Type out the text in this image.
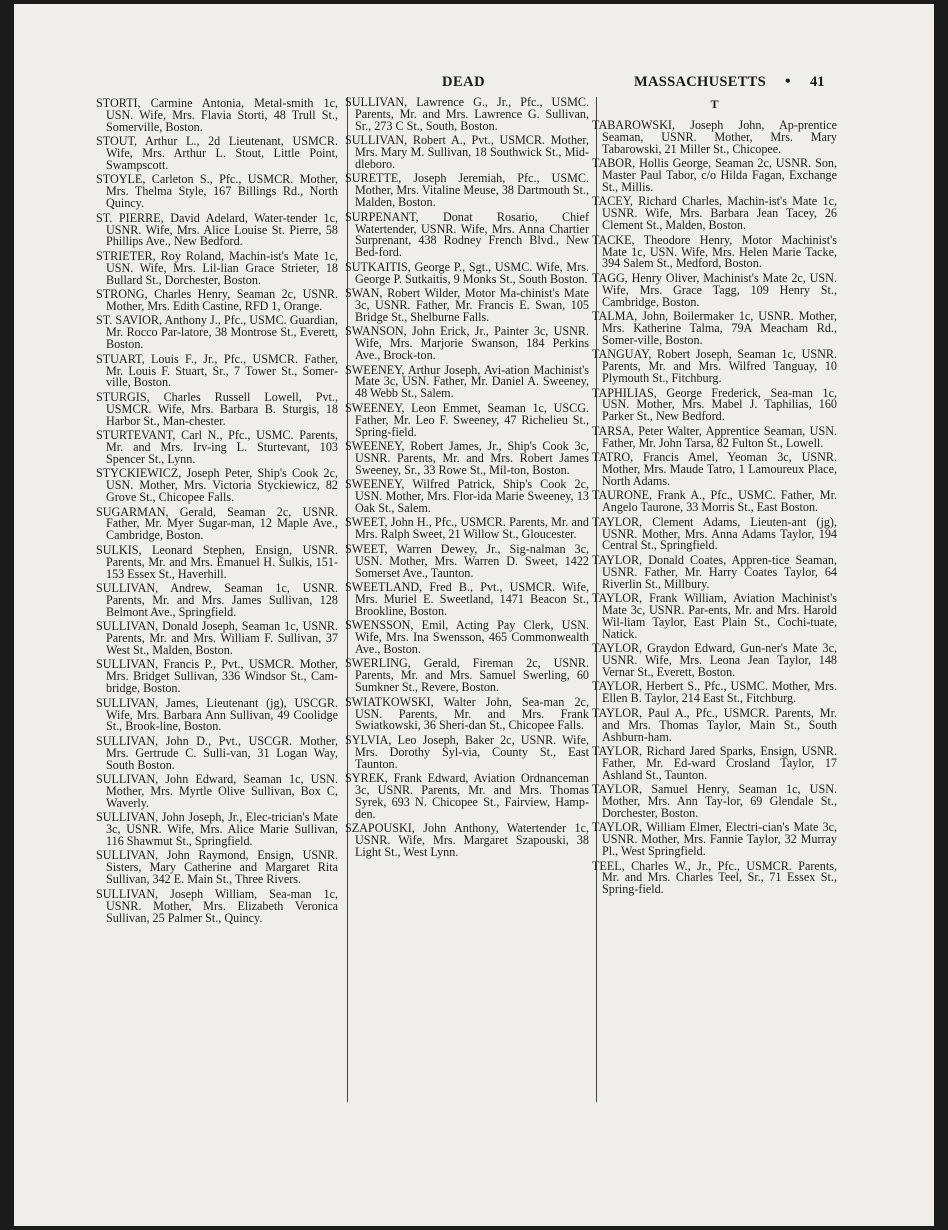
DEAD	MASSACHUSETTS • 41
STORTI, Carmine Antonia, Metal-smith 1c, USN. Wife, Mrs. Flavia Storti, 48 Trull St., Somerville, Boston.
STOUT, Arthur L., 2d Lieutenant, USMCR. Wife, Mrs. Arthur L. Stout, Little Point, Swampscott.
STOYLE, Carleton S., Pfc., USMCR. Mother, Mrs. Thelma Style, 167 Billings Rd., North Quincy.
ST. PIERRE, David Adelard, Water-tender 1c, USNR. Wife, Mrs. Alice Louise St. Pierre, 58 Phillips Ave., New Bedford.
STRIETER, Roy Roland, Machin-ist's Mate 1c, USN. Wife, Mrs. Lil-lian Grace Strieter, 18 Bullard St., Dorchester, Boston.
STRONG, Charles Henry, Seaman 2c, USNR. Mother, Mrs. Edith Castine, RFD 1, Orange.
ST. SAVIOR, Anthony J., Pfc., USMC. Guardian, Mr. Rocco Par-latore, 38 Montrose St., Everett, Boston.
STUART, Louis F., Jr., Pfc., USMCR. Father, Mr. Louis F. Stuart, Sr., 7 Tower St., Somer-ville, Boston.
STURGIS, Charles Russell Lowell, Pvt., USMCR. Wife, Mrs. Barbara B. Sturgis, 18 Harbor St., Man-chester.
STURTEVANT, Carl N., Pfc., USMC. Parents, Mr. and Mrs. Irv-ing L. Sturtevant, 103 Spencer St., Lynn.
STYCKIEWICZ, Joseph Peter, Ship's Cook 2c, USN. Mother, Mrs. Victoria Styckiewicz, 82 Grove St., Chicopee Falls.
SUGARMAN, Gerald, Seaman 2c, USNR. Father, Mr. Myer Sugar-man, 12 Maple Ave., Cambridge, Boston.
SULKIS, Leonard Stephen, Ensign, USNR. Parents, Mr. and Mrs. Emanuel H. Sulkis, 151-153 Essex St., Haverhill.
SULLIVAN, Andrew, Seaman 1c, USNR. Parents, Mr. and Mrs. James Sullivan, 128 Belmont Ave., Springfield.
SULLIVAN, Donald Joseph, Seaman 1c, USNR. Parents, Mr. and Mrs. William F. Sullivan, 37 West St., Malden, Boston.
SULLIVAN, Francis P., Pvt., USMCR. Mother, Mrs. Bridget Sullivan, 336 Windsor St., Cam-bridge, Boston.
SULLIVAN, James, Lieutenant (jg), USCGR. Wife, Mrs. Barbara Ann Sullivan, 49 Coolidge St., Brook-line, Boston.
SULLIVAN, John D., Pvt., USCGR. Mother, Mrs. Gertrude C. Sulli-van, 31 Logan Way, South Boston.
SULLIVAN, John Edward, Seaman 1c, USN. Mother, Mrs. Myrtle Olive Sullivan, Box C, Waverly.
SULLIVAN, John Joseph, Jr., Elec-trician's Mate 3c, USNR. Wife, Mrs. Alice Marie Sullivan, 116 Shawmut St., Springfield.
SULLIVAN, John Raymond, Ensign, USNR. Sisters, Mary Catherine and Margaret Rita Sullivan, 342 E. Main St., Three Rivers.
SULLIVAN, Joseph William, Sea-man 1c, USNR. Mother, Mrs. Elizabeth Veronica Sullivan, 25 Palmer St., Quincy.
SULLIVAN, Lawrence G., Jr., Pfc., USMC. Parents, Mr. and Mrs. Lawrence G. Sullivan, Sr., 273 C St., South, Boston.
SULLIVAN, Robert A., Pvt., USMCR. Mother, Mrs. Mary M. Sullivan, 18 Southwick St., Mid-dleboro.
SURETTE, Joseph Jeremiah, Pfc., USMC. Mother, Mrs. Vitaline Meuse, 38 Dartmouth St., Malden, Boston.
SURPENANT, Donat Rosario, Chief Watertender, USNR. Wife, Mrs. Anna Chartier Surprenant, 438 Rodney French Blvd., New Bed-ford.
SUTKAITIS, George P., Sgt., USMC. Wife, Mrs. George P. Sutkaitis, 9 Monks St., South Boston.
SWAN, Robert Wilder, Motor Ma-chinist's Mate 3c, USNR. Father, Mr. Francis E. Swan, 105 Bridge St., Shelburne Falls.
SWANSON, John Erick, Jr., Painter 3c, USNR. Wife, Mrs. Marjorie Swanson, 184 Perkins Ave., Brock-ton.
SWEENEY, Arthur Joseph, Avi-ation Machinist's Mate 3c, USN. Father, Mr. Daniel A. Sweeney, 48 Webb St., Salem.
SWEENEY, Leon Emmet, Seaman 1c, USCG. Father, Mr. Leo F. Sweeney, 47 Richelieu St., Spring-field.
SWEENEY, Robert James, Jr., Ship's Cook 3c, USNR. Parents, Mr. and Mrs. Robert James Sweeney, Sr., 33 Rowe St., Mil-ton, Boston.
SWEENEY, Wilfred Patrick, Ship's Cook 2c, USN. Mother, Mrs. Flor-ida Marie Sweeney, 13 Oak St., Salem.
SWEET, John H., Pfc., USMCR. Parents, Mr. and Mrs. Ralph Sweet, 21 Willow St., Gloucester.
SWEET, Warren Dewey, Jr., Sig-nalman 3c, USN. Mother, Mrs. Warren D. Sweet, 1422 Somerset Ave., Taunton.
SWEETLAND, Fred B., Pvt., USMCR. Wife, Mrs. Muriel E. Sweetland, 1471 Beacon St., Brookline, Boston.
SWENSSON, Emil, Acting Pay Clerk, USN. Wife, Mrs. Ina Swensson, 465 Commonwealth Ave., Boston.
SWERLING, Gerald, Fireman 2c, USNR. Parents, Mr. and Mrs. Samuel Swerling, 60 Sumkner St., Revere, Boston.
SWIATKOWSKI, Walter John, Sea-man 2c, USN. Parents, Mr. and Mrs. Frank Swiatkowski, 36 Sheri-dan St., Chicopee Falls.
SYLVIA, Leo Joseph, Baker 2c, USNR. Wife, Mrs. Dorothy Syl-via, County St., East Taunton.
SYREK, Frank Edward, Aviation Ordnanceman 3c, USNR. Parents, Mr. and Mrs. Thomas Syrek, 693 N. Chicopee St., Fairview, Hamp-den.
SZAPOUSKI, John Anthony, Watertender 1c, USNR. Wife, Mrs. Margaret Szapouski, 38 Light St., West Lynn.
T
TABAROWSKI, Joseph John, Ap-prentice Seaman, USNR. Mother, Mrs. Mary Tabarowski, 21 Miller St., Chicopee.
TABOR, Hollis George, Seaman 2c, USNR. Son, Master Paul Tabor, c/o Hilda Fagan, Exchange St., Millis.
TACEY, Richard Charles, Machin-ist's Mate 1c, USNR. Wife, Mrs. Barbara Jean Tacey, 26 Clement St., Malden, Boston.
TACKE, Theodore Henry, Motor Machinist's Mate 1c, USN. Wife, Mrs. Helen Marie Tacke, 394 Salem St., Medford, Boston.
TAGG, Henry Oliver, Machinist's Mate 2c, USN. Wife, Mrs. Grace Tagg, 109 Henry St., Cambridge, Boston.
TALMA, John, Boilermaker 1c, USNR. Mother, Mrs. Katherine Talma, 79A Meacham Rd., Somer-ville, Boston.
TANGUAY, Robert Joseph, Seaman 1c, USNR. Parents, Mr. and Mrs. Wilfred Tanguay, 10 Plymouth St., Fitchburg.
TAPHILIAS, George Frederick, Sea-man 1c, USN. Mother, Mrs. Mabel J. Taphilias, 160 Parker St., New Bedford.
TARSA, Peter Walter, Apprentice Seaman, USN. Father, Mr. John Tarsa, 82 Fulton St., Lowell.
TATRO, Francis Amel, Yeoman 3c, USNR. Mother, Mrs. Maude Tatro, 1 Lamoureux Place, North Adams.
TAURONE, Frank A., Pfc., USMC. Father, Mr. Angelo Taurone, 33 Morris St., East Boston.
TAYLOR, Clement Adams, Lieuten-ant (jg), USNR. Mother, Mrs. Anna Adams Taylor, 194 Central St., Springfield.
TAYLOR, Donald Coates, Appren-tice Seaman, USNR. Father, Mr. Harry Coates Taylor, 64 Riverlin St., Millbury.
TAYLOR, Frank William, Aviation Machinist's Mate 3c, USNR. Par-ents, Mr. and Mrs. Harold Wil-liam Taylor, East Plain St., Cochi-tuate, Natick.
TAYLOR, Graydon Edward, Gun-ner's Mate 3c, USNR. Wife, Mrs. Leona Jean Taylor, 148 Vernar St., Everett, Boston.
TAYLOR, Herbert S., Pfc., USMC. Mother, Mrs. Ellen B. Taylor, 214 East St., Fitchburg.
TAYLOR, Paul A., Pfc., USMCR. Parents, Mr. and Mrs. Thomas Taylor, Main St., South Ashburn-ham.
TAYLOR, Richard Jared Sparks, Ensign, USNR. Father, Mr. Ed-ward Crosland Taylor, 17 Ashland St., Taunton.
TAYLOR, Samuel Henry, Seaman 1c, USN. Mother, Mrs. Ann Tay-lor, 69 Glendale St., Dorchester, Boston.
TAYLOR, William Elmer, Electri-cian's Mate 3c, USNR. Mother, Mrs. Fannie Taylor, 32 Murray Pl., West Springfield.
TEEL, Charles W., Jr., Pfc., USMCR. Parents, Mr. and Mrs. Charles Teel, Sr., 71 Essex St., Spring-field.
